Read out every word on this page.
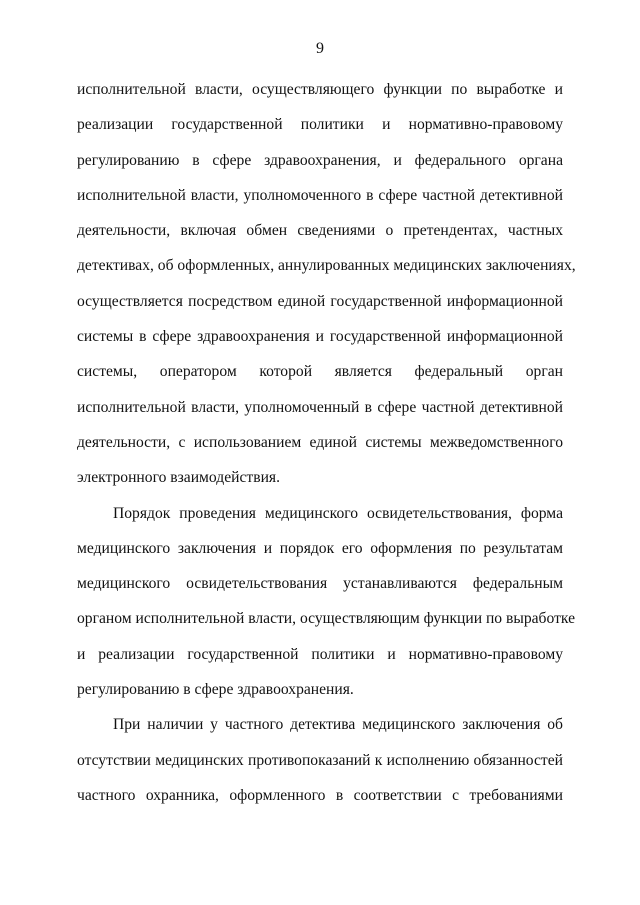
9
исполнительной власти, осуществляющего функции по выработке и
реализации государственной политики и нормативно-правовому
регулированию в сфере здравоохранения, и федерального органа
исполнительной власти, уполномоченного в сфере частной детективной
деятельности, включая обмен сведениями о претендентах, частных
детективах, об оформленных, аннулированных медицинских заключениях,
осуществляется посредством единой государственной информационной
системы в сфере здравоохранения и государственной информационной
системы, оператором которой является федеральный орган
исполнительной власти, уполномоченный в сфере частной детективной
деятельности, с использованием единой системы межведомственного
электронного взаимодействия.
Порядок проведения медицинского освидетельствования, форма
медицинского заключения и порядок его оформления по результатам
медицинского освидетельствования устанавливаются федеральным
органом исполнительной власти, осуществляющим функции по выработке
и реализации государственной политики и нормативно-правовому
регулированию в сфере здравоохранения.
При наличии у частного детектива медицинского заключения об
отсутствии медицинских противопоказаний к исполнению обязанностей
частного охранника, оформленного в соответствии с требованиями
